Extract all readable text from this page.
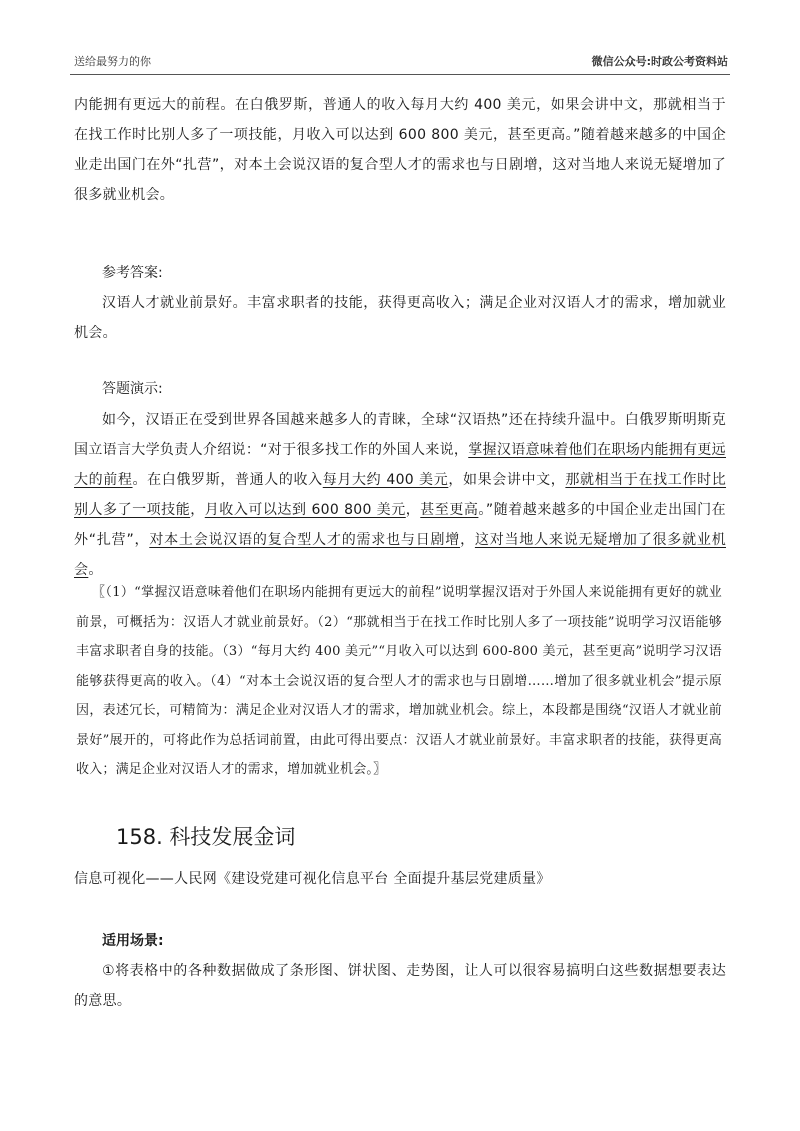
送给最努力的你	微信公众号:时政公考资料站
内能拥有更远大的前程。在白俄罗斯，普通人的收入每月大约 400 美元，如果会讲中文，那就相当于在找工作时比别人多了一项技能，月收入可以达到 600 800 美元，甚至更高。”随着越来越多的中国企业走出国门在外“扎营”，对本土会说汉语的复合型人才的需求也与日剧增，这对当地人来说无疑增加了很多就业机会。
参考答案:
汉语人才就业前景好。丰富求职者的技能，获得更高收入；满足企业对汉语人才的需求，增加就业机会。
答题演示:
如今，汉语正在受到世界各国越来越多人的青睐，全球“汉语热”还在持续升温中。白俄罗斯明斯克国立语言大学负责人介绍说：“对于很多找工作的外国人来说，掌握汉语意味着他们在职场内能拥有更远大的前程。在白俄罗斯，普通人的收入每月大约 400 美元，如果会讲中文，那就相当于在找工作时比别人多了一项技能，月收入可以达到 600 800 美元，甚至更高。”随着越来越多的中国企业走出国门在外“扎营”，对本土会说汉语的复合型人才的需求也与日剧增，这对当地人来说无疑增加了很多就业机会。
〖（1）“掌握汉语意味着他们在职场内能拥有更远大的前程”说明掌握汉语对于外国人来说能拥有更好的就业前景，可概括为：汉语人才就业前景好。（2）“那就相当于在找工作时比别人多了一项技能”说明学习汉语能够丰富求职者自身的技能。（3）“每月大约 400 美元”“月收入可以达到 600-800 美元，甚至更高”说明学习汉语能够获得更高的收入。（4）“对本土会说汉语的复合型人才的需求也与日剧增……增加了很多就业机会”提示原因，表述冗长，可精简为：满足企业对汉语人才的需求，增加就业机会。综上，本段都是围绕“汉语人才就业前景好”展开的，可将此作为总括词前置，由此可得出要点：汉语人才就业前景好。丰富求职者的技能，获得更高收入；满足企业对汉语人才的需求，增加就业机会。〗
158. 科技发展金词
信息可视化——人民网《建设党建可视化信息平台 全面提升基层党建质量》
适用场景:
①将表格中的各种数据做成了条形图、饼状图、走势图，让人可以很容易搞明白这些数据想要表达的意思。
